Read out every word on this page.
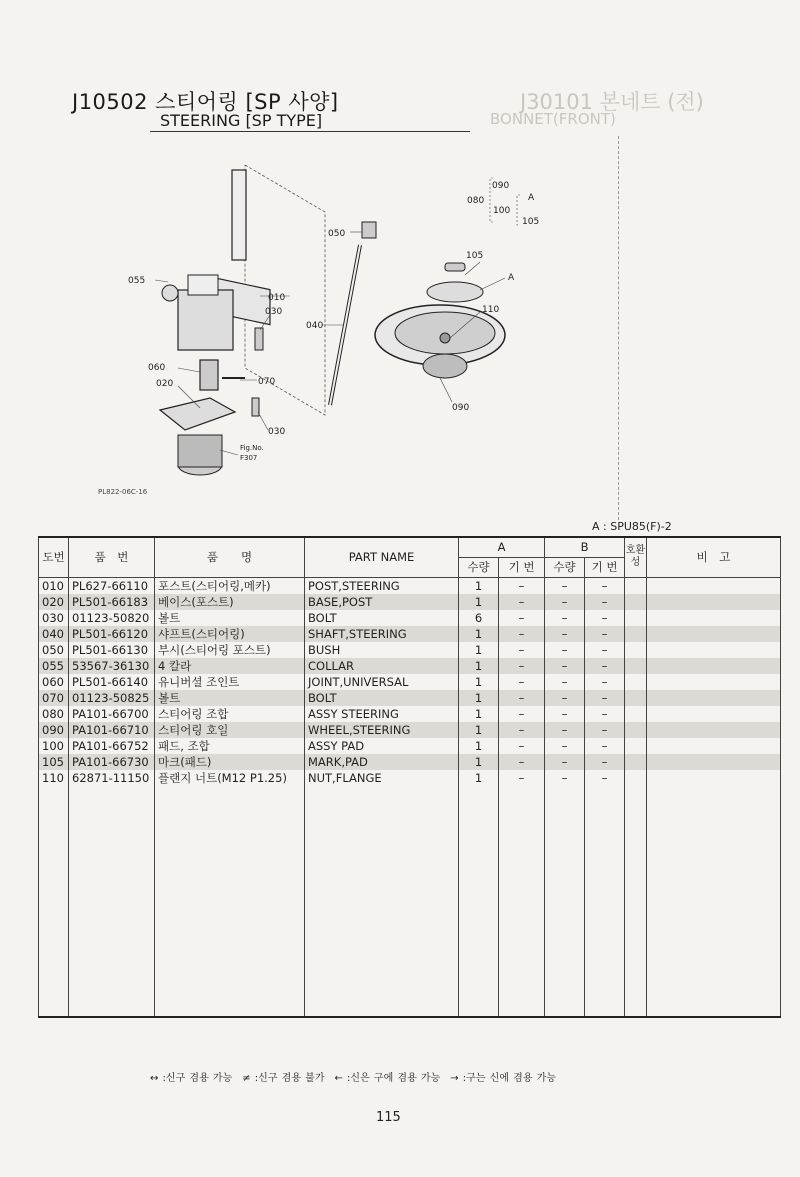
J10502 스티어링 [SP 사양]
STEERING [SP TYPE]
J30101 본네트 (전)
BONNET(FRONT)
055
010
030
040
050
060
020	070
030
080
090
100
A
105
105
A
110
090
Fig.No.
F307
PL822-06C-16
A : SPU85(F)-2
도번	품　번	품　　명	PART NAME	A		B		호환성	비　고
				수량	기 번	수량	기 번		
010	PL627-66110	포스트(스티어링,메카)	POST,STEERING	1	–	–	–		
020	PL501-66183	베이스(포스트)	BASE,POST	1	–	–	–		
030	01123-50820	볼트	BOLT	6	–	–	–		
040	PL501-66120	샤프트(스티어링)	SHAFT,STEERING	1	–	–	–		
050	PL501-66130	부시(스티어링 포스트)	BUSH	1	–	–	–		
055	53567-36130	4 칼라	COLLAR	1	–	–	–		
060	PL501-66140	유니버셜 조인트	JOINT,UNIVERSAL	1	–	–	–		
070	01123-50825	볼트	BOLT	1	–	–	–		
080	PA101-66700	스티어링 조합	ASSY STEERING	1	–	–	–		
090	PA101-66710	스티어링 호일	WHEEL,STEERING	1	–	–	–		
100	PA101-66752	패드, 조합	ASSY PAD	1	–	–	–		
105	PA101-66730	마크(패드)	MARK,PAD	1	–	–	–		
110	62871-11150	플랜지 너트(M12 P1.25)	NUT,FLANGE	1	–	–	–		

↔ :신구 겸용 가능　≠ :신구 겸용 불가　← :신은 구에 겸용 가능　→ :구는 신에 겸용 가능
115
